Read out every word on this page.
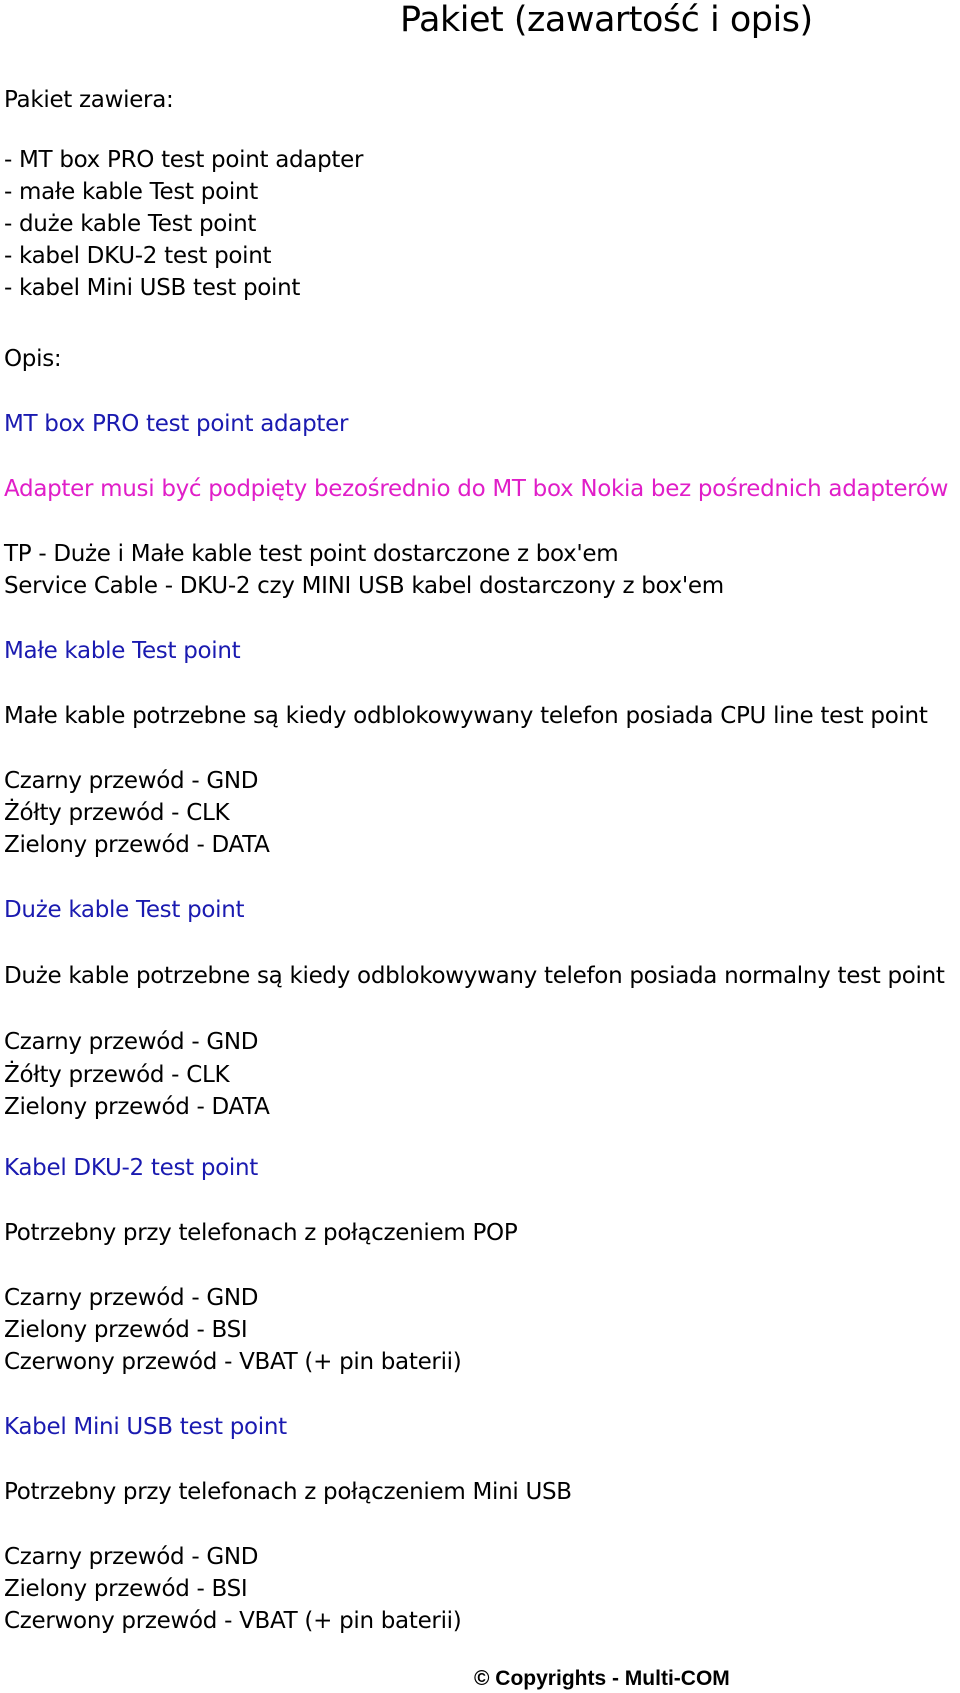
Pakiet (zawartość i opis)
Pakiet zawiera:
- MT box PRO test point adapter
- małe kable Test point
- duże kable Test point
- kabel DKU-2 test point
- kabel Mini USB test point
Opis:
MT box PRO test point adapter
Adapter musi być podpięty bezośrednio do MT box Nokia bez pośrednich adapterów
TP - Duże i Małe kable test point dostarczone z box'em
Service Cable - DKU-2 czy MINI USB kabel dostarczony z box'em
Małe kable Test point
Małe kable potrzebne są kiedy odblokowywany telefon posiada CPU line test point
Czarny przewód - GND
Żółty przewód - CLK
Zielony przewód - DATA
Duże kable Test point
Duże kable potrzebne są kiedy odblokowywany telefon posiada normalny test point
Czarny przewód - GND
Żółty przewód - CLK
Zielony przewód - DATA
Kabel DKU-2 test point
Potrzebny przy telefonach z połączeniem POP
Czarny przewód - GND
Zielony przewód - BSI
Czerwony przewód - VBAT (+ pin baterii)
Kabel Mini USB test point
Potrzebny przy telefonach z połączeniem Mini USB
Czarny przewód - GND
Zielony przewód - BSI
Czerwony przewód - VBAT (+ pin baterii)
© Copyrights - Multi-COM
